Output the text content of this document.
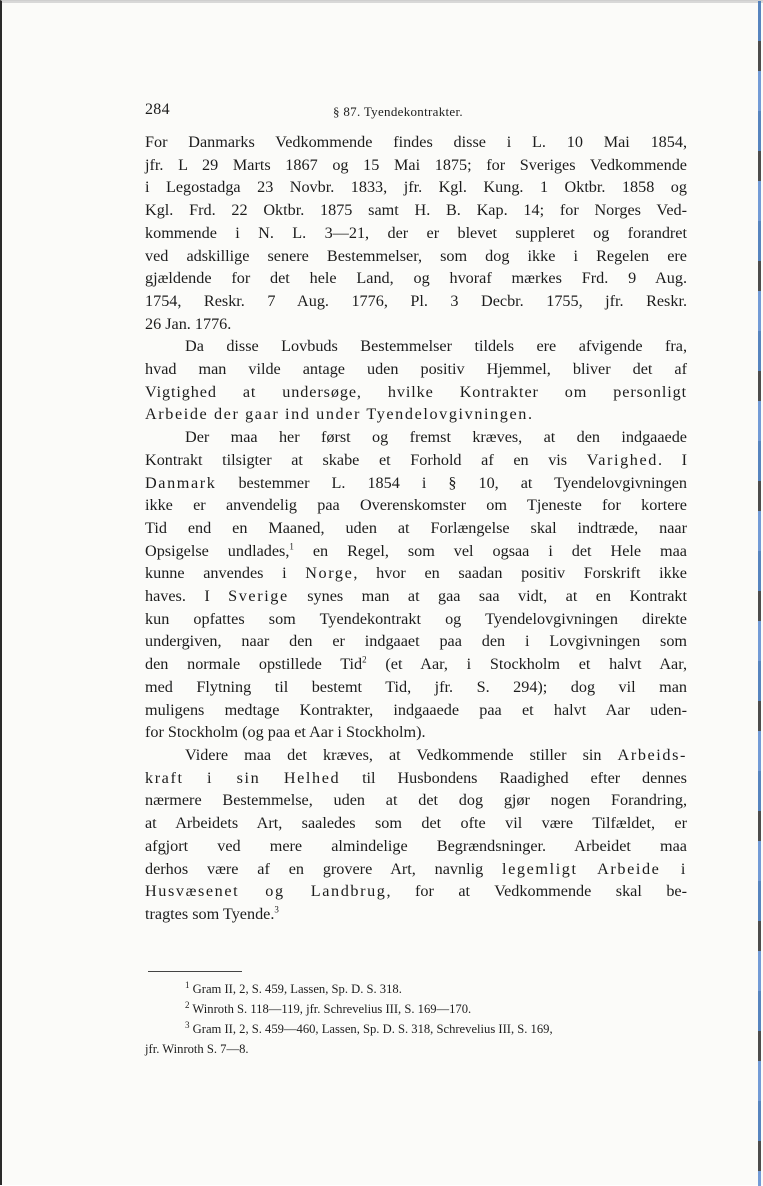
284	§ 87. Tyendekontrakter.

For Danmarks Vedkommende findes disse i L. 10 Mai 1854,
jfr. L 29 Marts 1867 og 15 Mai 1875; for Sveriges Vedkommende
i Legostadga 23 Novbr. 1833, jfr. Kgl. Kung. 1 Oktbr. 1858 og
Kgl. Frd. 22 Oktbr. 1875 samt H. B. Kap. 14; for Norges Ved-
kommende i N. L. 3—21, der er blevet suppleret og forandret
ved adskillige senere Bestemmelser, som dog ikke i Regelen ere
gjældende for det hele Land, og hvoraf mærkes Frd. 9 Aug.
1754, Reskr. 7 Aug. 1776, Pl. 3 Decbr. 1755, jfr. Reskr.
26 Jan. 1776.

Da disse Lovbuds Bestemmelser tildels ere afvigende fra,
hvad man vilde antage uden positiv Hjemmel, bliver det af
Vigtighed at undersøge, hvilke Kontrakter om personligt
Arbeide der gaar ind under Tyendelovgivningen.
Der maa her først og fremst kræves, at den indgaaede
Kontrakt tilsigter at skabe et Forhold af en vis Varighed. I
Danmark bestemmer L. 1854 i § 10, at Tyendelovgivningen
ikke er anvendelig paa Overenskomster om Tjeneste for kortere
Tid end en Maaned, uden at Forlængelse skal indtræde, naar
Opsigelse undlades,$^1$ en Regel, som vel ogsaa i det Hele maa
kunne anvendes i Norge, hvor en saadan positiv Forskrift ikke
haves. I Sverige synes man at gaa saa vidt, at en Kontrakt
kun opfattes som Tyendekontrakt og Tyendelovgivningen direkte
undergiven, naar den er indgaaet paa den i Lovgivningen som
den normale opstillede Tid$^2$ (et Aar, i Stockholm et halvt Aar,
med Flytning til bestemt Tid, jfr. S. 294); dog vil man
muligens medtage Kontrakter, indgaaede paa et halvt Aar uden-
for Stockholm (og paa et Aar i Stockholm).
Videre maa det kræves, at Vedkommende stiller sin Arbeids-
kraft i sin Helhed til Husbondens Raadighed efter dennes
nærmere Bestemmelse, uden at det dog gjør nogen Forandring,
at Arbeidets Art, saaledes som det ofte vil være Tilfældet, er
afgjort ved mere almindelige Begrændsninger. Arbeidet maa
derhos være af en grovere Art, navnlig legemligt Arbeide i
Husvæsenet og Landbrug, for at Vedkommende skal be-
tragtes som Tyende.$^3$
$^1$ Gram II, 2, S. 459, Lassen, Sp. D. S. 318.
$^2$ Winroth S. 118—119, jfr. Schrevelius III, S. 169—170.
$^3$ Gram II, 2, S. 459—460, Lassen, Sp. D. S. 318, Schrevelius III, S. 169,
jfr. Winroth S. 7—8.
